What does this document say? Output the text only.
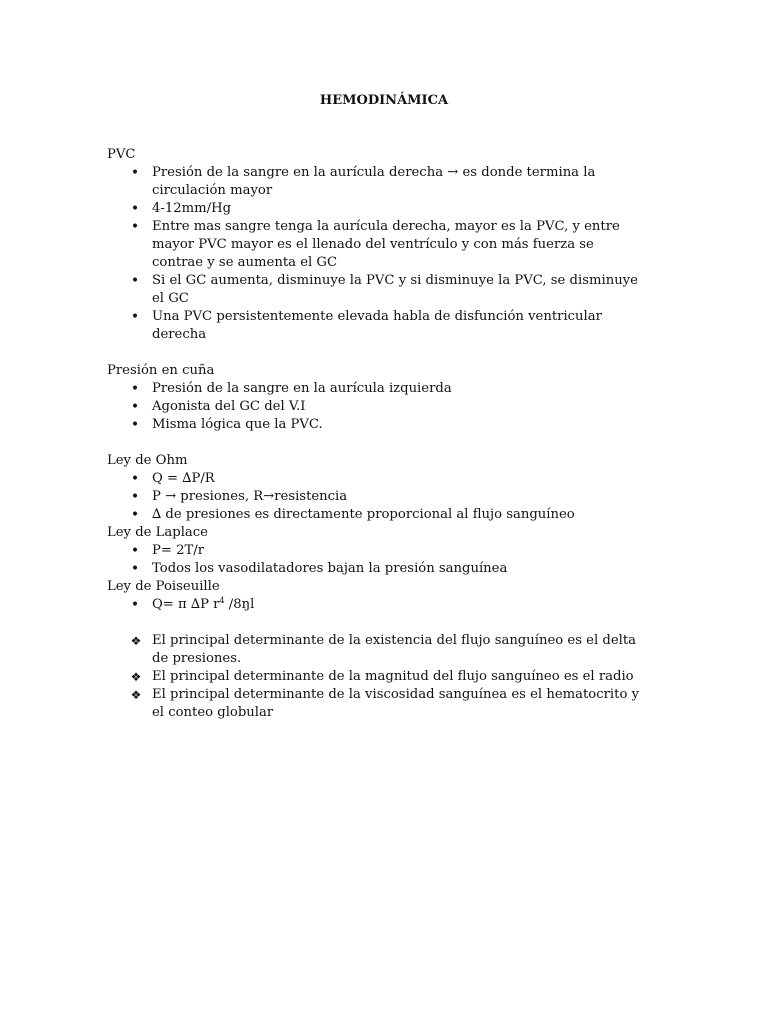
HEMODINÁMICA
PVC
• Presión de la sangre en la aurícula derecha → es donde termina la circulación mayor
• 4-12mm/Hg
• Entre mas sangre tenga la aurícula derecha, mayor es la PVC, y entre mayor PVC mayor es el llenado del ventrículo y con más fuerza se contrae y se aumenta el GC
• Si el GC aumenta, disminuye la PVC y si disminuye la PVC, se disminuye el GC
• Una PVC persistentemente elevada habla de disfunción ventricular derecha
Presión en cuña
• Presión de la sangre en la aurícula izquierda
• Agonista del GC del V.I
• Misma lógica que la PVC.
Ley de Ohm
• Q = ∆P/R
• P → presiones, R→resistencia
• ∆ de presiones es directamente proporcional al flujo sanguíneo
Ley de Laplace
• P= 2T/r
• Todos los vasodilatadores bajan la presión sanguínea
Ley de Poiseuille
• Q= π ∆P $r^4$ /8ŋl
❖ El principal determinante de la existencia del flujo sanguíneo es el delta de presiones.
❖ El principal determinante de la magnitud del flujo sanguíneo es el radio
❖ El principal determinante de la viscosidad sanguínea es el hematocrito y el conteo globular
